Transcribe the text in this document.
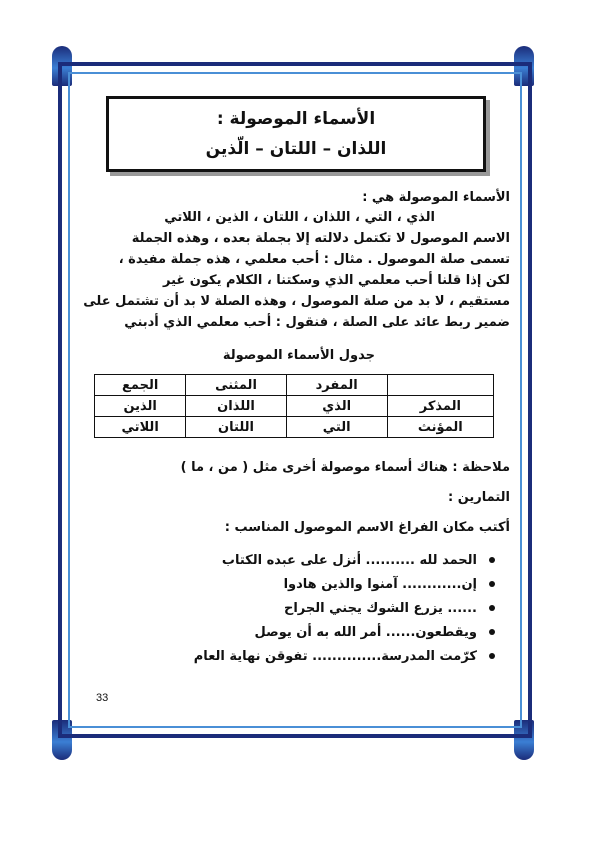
الأسماء الموصولة :
اللذان – اللتان – الّذين
الأسماء الموصولة هي :
الذي ، التي ، اللذان ، اللتان ، الذين ، اللاتي
الاسم الموصول لا تكتمل دلالته إلا بجملة بعده ، وهذه الجملة
تسمى صلة الموصول . مثال : أحب معلمي ، هذه جملة مفيدة ،
لكن إذا قلنا أحب معلمي الذي وسكتنا ، الكلام يكون غير
مستقيم ، لا بد من صلة الموصول ، وهذه الصلة لا بد أن تشتمل على
ضمير ربط عائد على الصلة ، فنقول : أحب معلمي الذي أدبني
جدول الأسماء الموصولة
	المفرد	المثنى	الجمع
المذكر	الذي	اللذان	الذين
المؤنث	التي	اللتان	اللاتي
ملاحظة : هناك أسماء موصولة أخرى مثل ( من ، ما )
التمارين :
أكتب مكان الفراغ الاسم الموصول المناسب :
الحمد لله .......... أنزل على عبده الكتاب
إن............ آمنوا والذين هادوا
...... يزرع الشوك يجني الجراح
ويقطعون...... أمر الله به أن يوصل
كرّمت المدرسة.............. تفوقن نهاية العام
33
